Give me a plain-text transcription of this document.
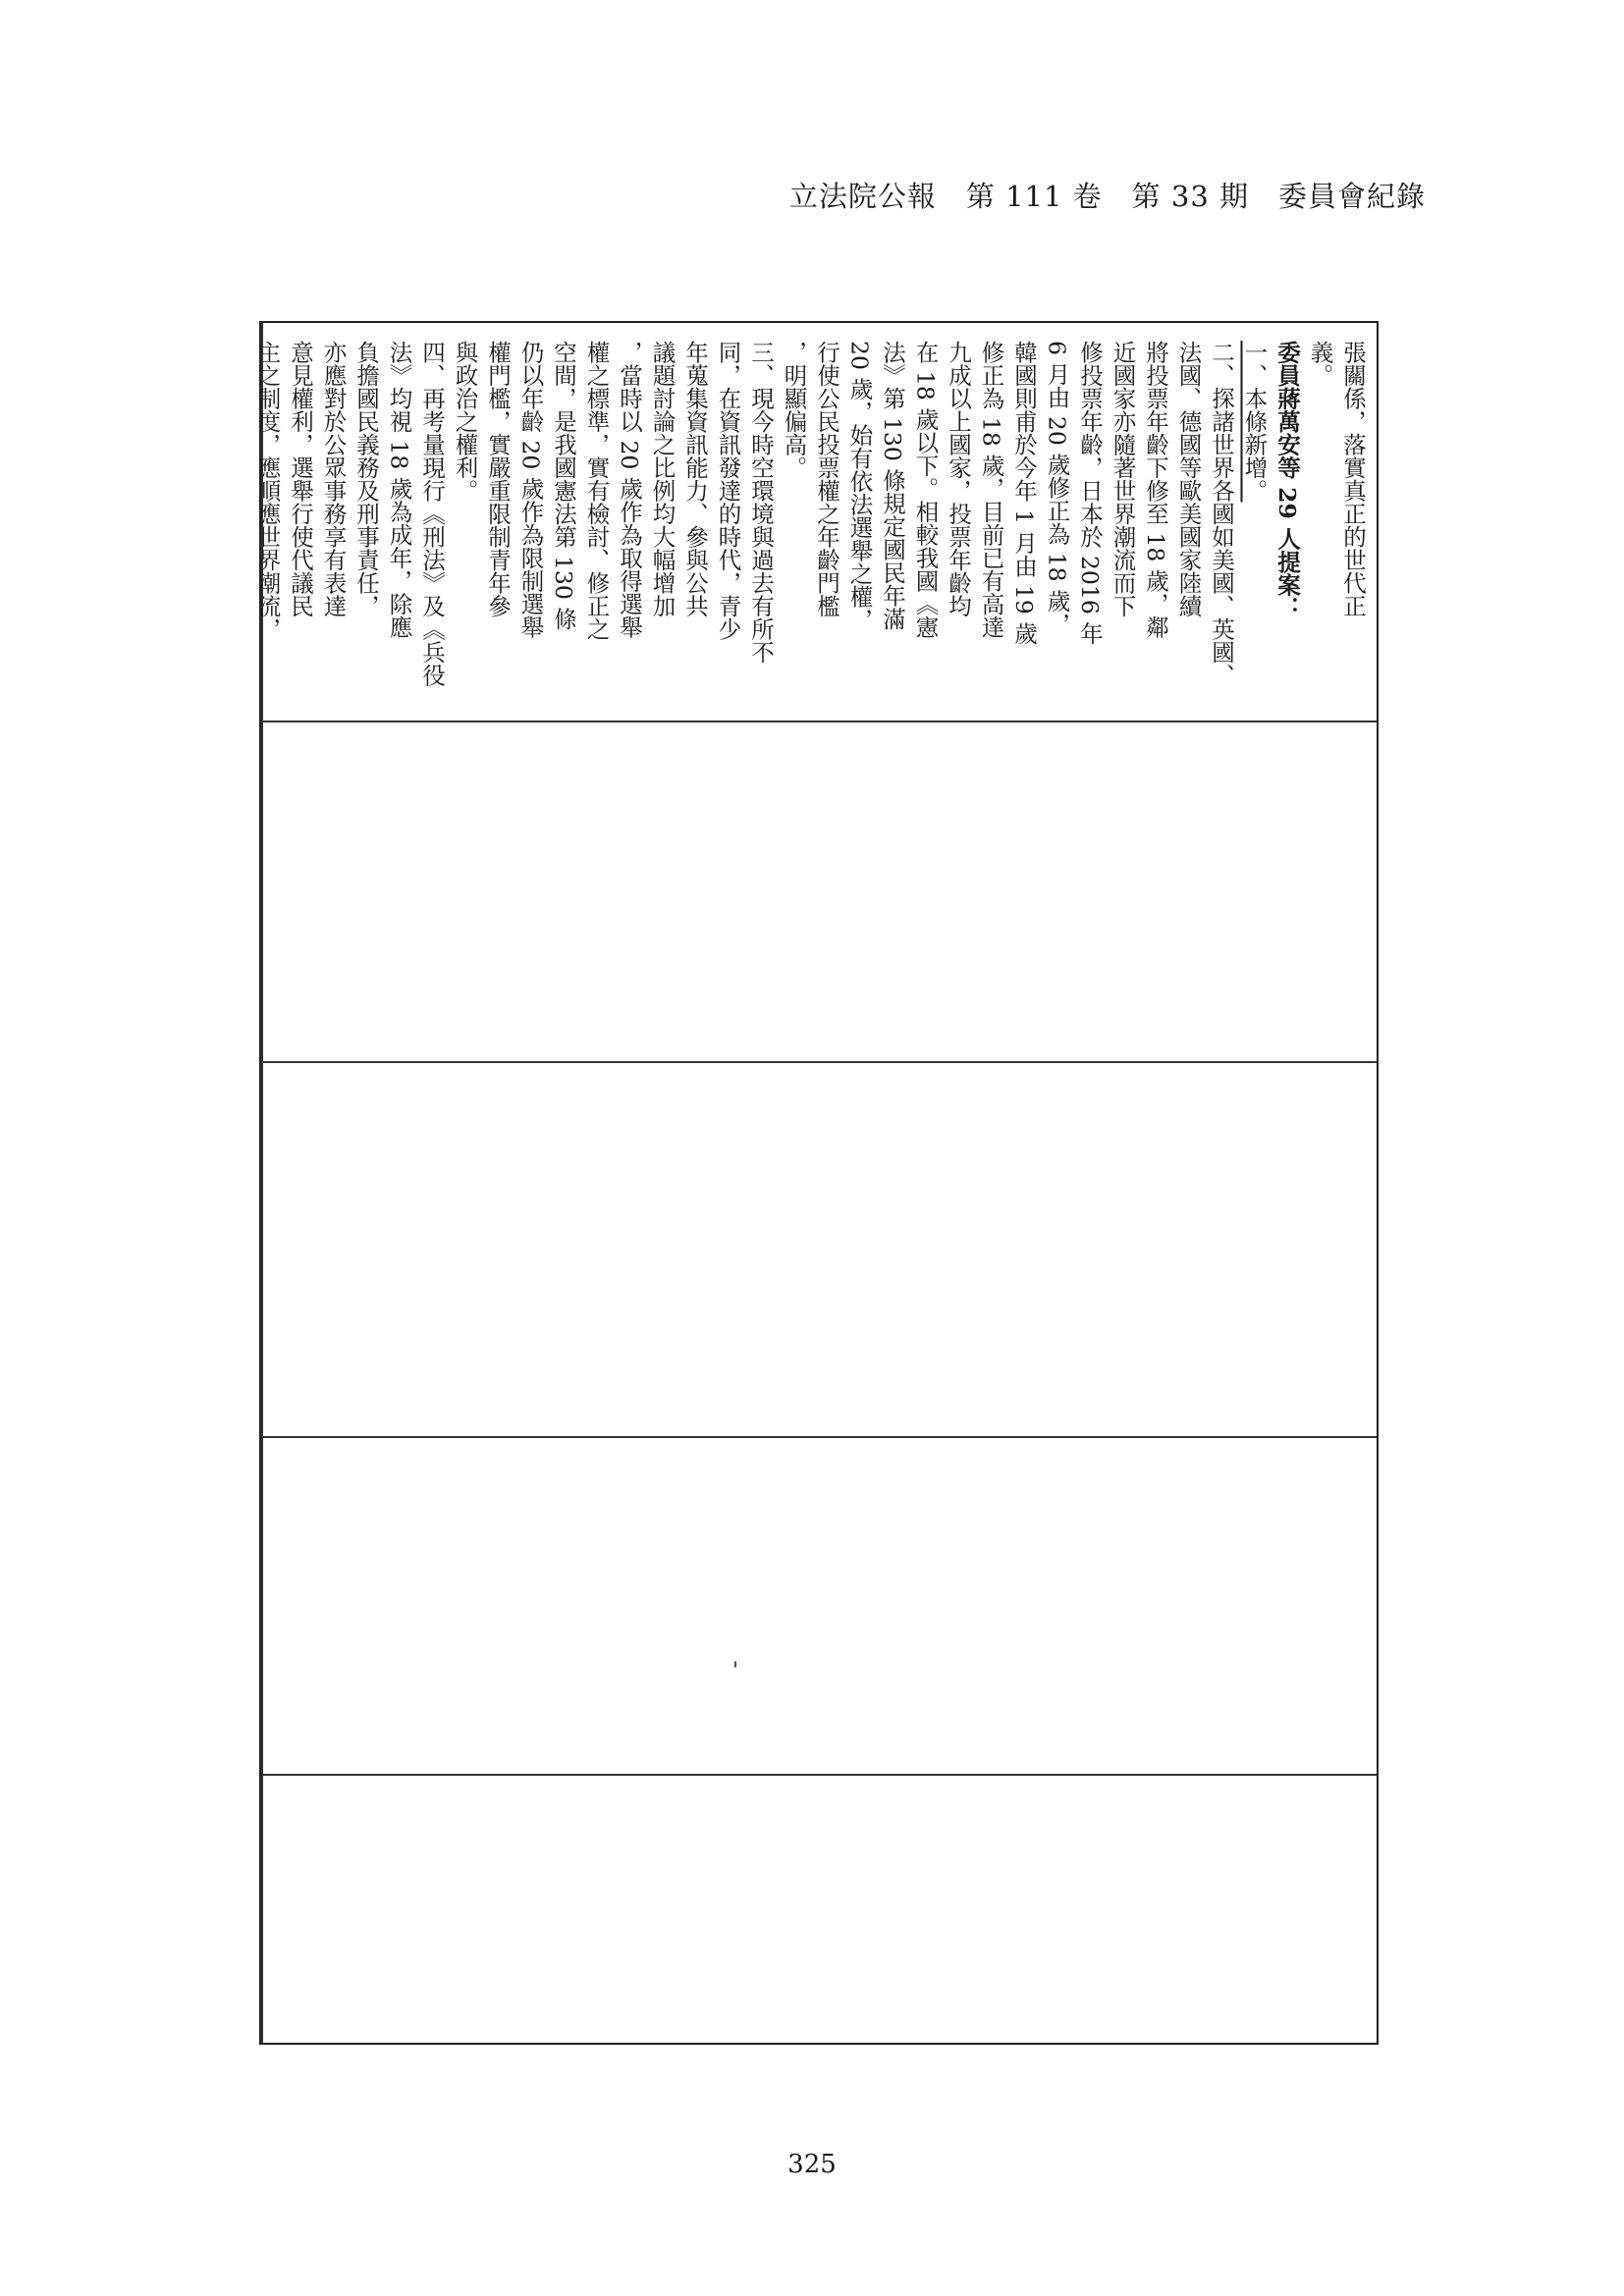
立法院公報　第 111 卷　第 33 期　委員會紀錄
張關係，落實真正的世代正
義。
委員蔣萬安等 29 人提案：
一、本條新增。
二、探諸世界各國如美國、英國、
法國、德國等歐美國家陸續
將投票年齡下修至 18 歲，鄰
近國家亦隨著世界潮流而下
修投票年齡，日本於 2016 年
6 月由 20 歲修正為 18 歲，
韓國則甫於今年 1 月由 19 歲
修正為 18 歲，目前已有高達
九成以上國家，投票年齡均
在 18 歲以下。相較我國《憲
法》第 130 條規定國民年滿
20 歲，始有依法選舉之權，
行使公民投票權之年齡門檻
，明顯偏高。
三、現今時空環境與過去有所不
同，在資訊發達的時代，青少
年蒐集資訊能力、參與公共
議題討論之比例均大幅增加
，當時以 20 歲作為取得選舉
權之標準，實有檢討、修正之
空間，是我國憲法第 130 條
仍以年齡 20 歲作為限制選舉
權門檻，實嚴重限制青年參
與政治之權利。
四、再考量現行《刑法》及《兵役
法》均視 18 歲為成年，除應
負擔國民義務及刑事責任，
亦應對於公眾事務享有表達
意見權利，選舉行使代議民
主之制度，應順應世界潮流，
'
325
